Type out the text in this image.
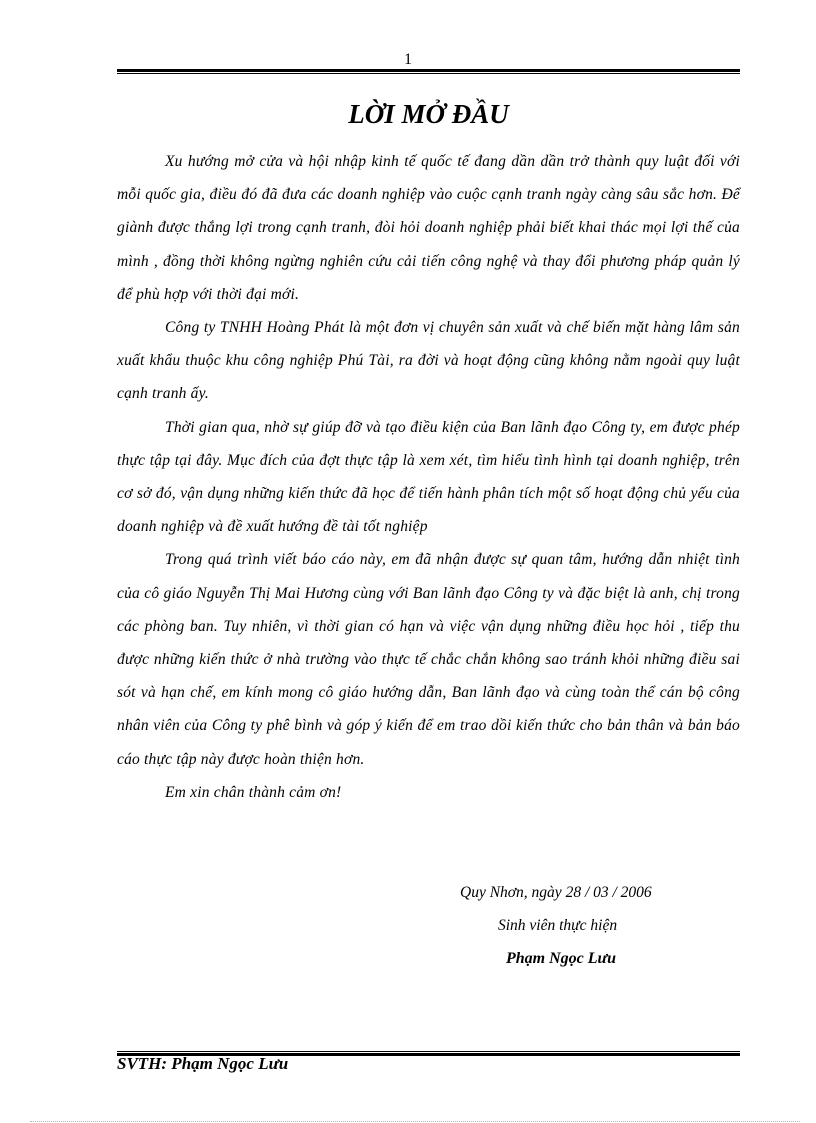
1
LỜI MỞ ĐẦU

Xu hướng mở cửa và hội nhập kinh tế quốc tế đang dần dần trở thành quy luật đối với mỗi quốc gia, điều đó đã đưa các doanh nghiệp vào cuộc cạnh tranh ngày càng sâu sắc hơn. Để giành được thắng lợi trong cạnh tranh, đòi hỏi doanh nghiệp phải biết khai thác mọi lợi thế của mình , đồng thời không ngừng nghiên cứu cải tiến công nghệ và thay đổi phương pháp quản lý để phù hợp với thời đại mới.

Công ty TNHH Hoàng Phát là một đơn vị chuyên sản xuất và chế biến mặt hàng lâm sản xuất khẩu thuộc khu công nghiệp Phú Tài, ra đời và hoạt động cũng không nằm ngoài quy luật cạnh tranh ấy.

Thời gian qua, nhờ sự giúp đỡ và tạo điều kiện của Ban lãnh đạo Công ty, em được phép thực tập tại đây. Mục đích của đợt thực tập là xem xét, tìm hiểu tình hình tại doanh nghiệp, trên cơ sở đó, vận dụng những kiến thức đã học để tiến hành phân tích một số hoạt động chủ yếu của doanh nghiệp và đề xuất hướng đề tài tốt nghiệp

Trong quá trình viết báo cáo này, em đã nhận được sự quan tâm, hướng dẫn nhiệt tình của cô giáo Nguyễn Thị Mai Hương cùng với Ban lãnh đạo Công ty và đặc biệt là anh, chị trong các phòng ban. Tuy nhiên, vì thời gian có hạn và việc vận dụng những điều học hỏi , tiếp thu được những kiến thức ở nhà trường vào thực tế chắc chắn không sao tránh khỏi những điều sai sót và hạn chế, em kính mong cô giáo hướng dẫn, Ban lãnh đạo và cùng toàn thể cán bộ công nhân viên của Công ty phê bình và góp ý kiến để em trao dồi kiến thức cho bản thân và bản báo cáo thực tập này được hoàn thiện hơn.

Em xin chân thành cảm ơn!

Quy Nhơn, ngày 28 / 03 / 2006
Sinh viên thực hiện
Phạm Ngọc Lưu
SVTH: Phạm Ngọc Lưu
